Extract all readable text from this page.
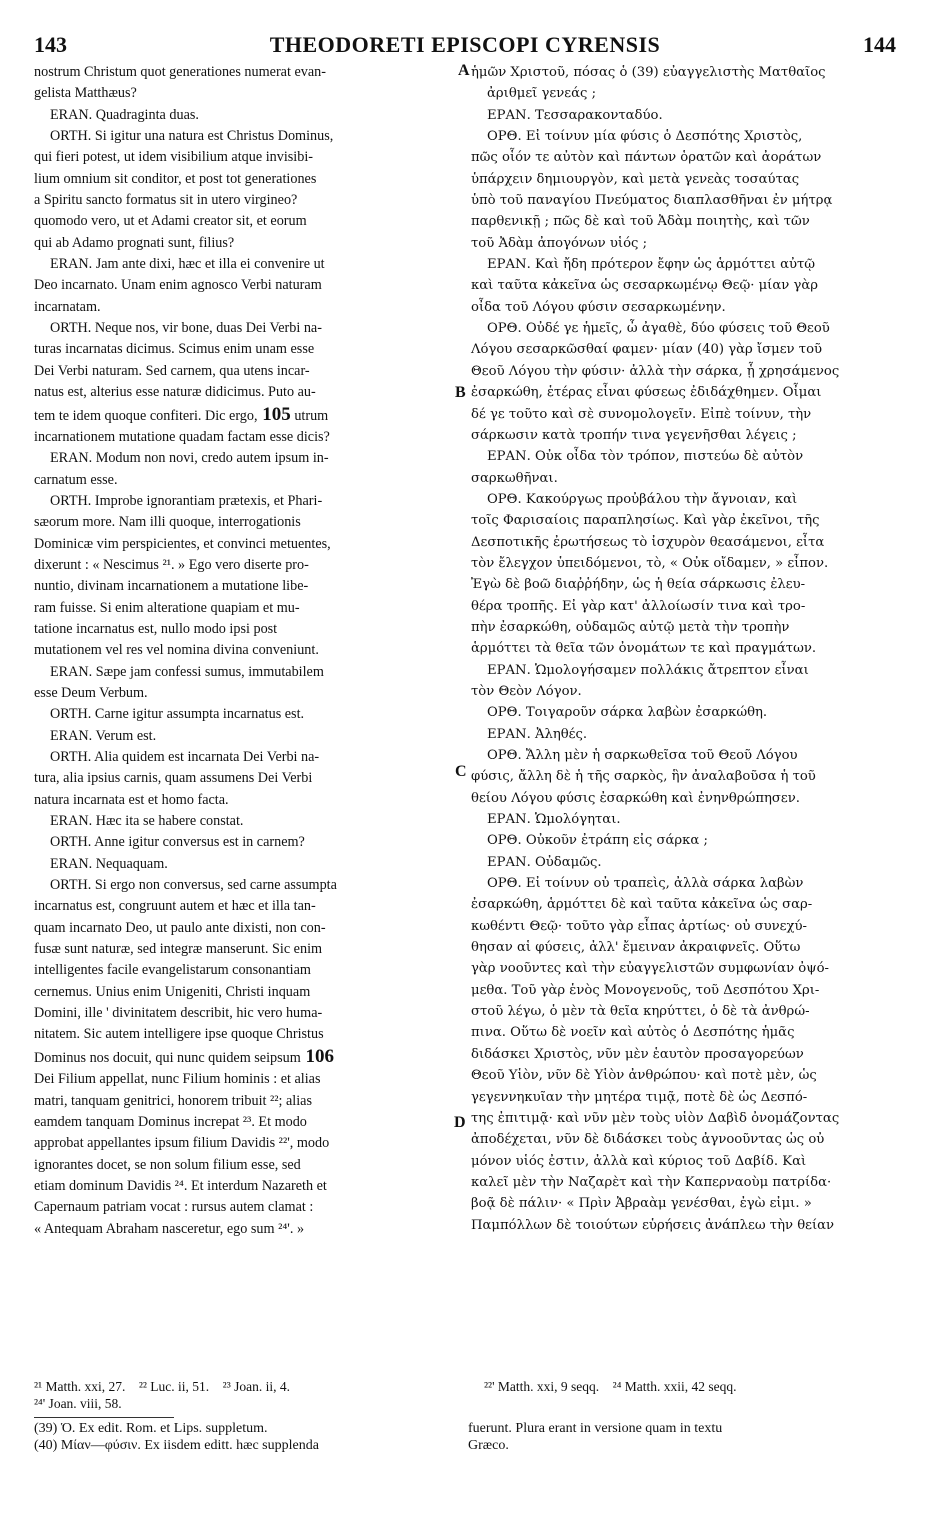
143	THEODORETI EPISCOPI CYRENSIS	144

nostrum Christum quot generationes numerat evan-

gelista Matthæus?

ERAN. Quadraginta duas.

ORTH. Si igitur una natura est Christus Dominus,

qui fieri potest, ut idem visibilium atque invisibi-

lium omnium sit conditor, et post tot generationes

a Spiritu sancto formatus sit in utero virgineo?

quomodo vero, ut et Adami creator sit, et eorum

qui ab Adamo prognati sunt, filius?

ERAN. Jam ante dixi, hæc et illa ei convenire ut

Deo incarnato. Unam enim agnosco Verbi naturam

incarnatam.

ORTH. Neque nos, vir bone, duas Dei Verbi na-

turas incarnatas dicimus. Scimus enim unam esse

Dei Verbi naturam. Sed carnem, qua utens incar-

natus est, alterius esse naturæ didicimus. Puto au-

tem te idem quoque confiteri. Dic ergo, 105 utrum

incarnationem mutatione quadam factam esse dicis?

ERAN. Modum non novi, credo autem ipsum in-

carnatum esse.

ORTH. Improbe ignorantiam prætexis, et Phari-

sæorum more. Nam illi quoque, interrogationis

Dominicæ vim perspicientes, et convinci metuentes,

dixerunt : « Nescimus ²¹. » Ego vero diserte pro-

nuntio, divinam incarnationem a mutatione libe-

ram fuisse. Si enim alteratione quapiam et mu-

tatione incarnatus est, nullo modo ipsi post

mutationem vel res vel nomina divina conveniunt.

ERAN. Sæpe jam confessi sumus, immutabilem

esse Deum Verbum.

ORTH. Carne igitur assumpta incarnatus est.

ERAN. Verum est.

ORTH. Alia quidem est incarnata Dei Verbi na-

tura, alia ipsius carnis, quam assumens Dei Verbi

natura incarnata est et homo facta.

ERAN. Hæc ita se habere constat.

ORTH. Anne igitur conversus est in carnem?

ERAN. Nequaquam.

ORTH. Si ergo non conversus, sed carne assumpta

incarnatus est, congruunt autem et hæc et illa tan-

quam incarnato Deo, ut paulo ante dixisti, non con-

fusæ sunt naturæ, sed integræ manserunt. Sic enim

intelligentes facile evangelistarum consonantiam

cernemus. Unius enim Unigeniti, Christi inquam

Domini, ille ' divinitatem describit, hic vero huma-

nitatem. Sic autem intelligere ipse quoque Christus

Dominus nos docuit, qui nunc quidem seipsum 106

Dei Filium appellat, nunc Filium hominis : et alias

matri, tanquam genitrici, honorem tribuit ²²; alias

eamdem tanquam Dominus increpat ²³. Et modo

approbat appellantes ipsum filium Davidis ²²', modo

ignorantes docet, se non solum filium esse, sed

etiam dominum Davidis ²⁴. Et interdum Nazareth et

Capernaum patriam vocat : rursus autem clamat :

« Antequam Abraham nasceretur, ego sum ²⁴'. »

ἡμῶν Χριστοῦ, πόσας ὁ (39) εὐαγγελιστὴς Ματθαῖος

ἀριθμεῖ γενεάς ;

ΕΡΑΝ. Τεσσαρακονταδύο.

ΟΡΘ. Εἰ τοίνυν μία φύσις ὁ Δεσπότης Χριστὸς,

πῶς οἷόν τε αὐτὸν καὶ πάντων ὁρατῶν καὶ ἀοράτων

ὑπάρχειν δημιουργὸν, καὶ μετὰ γενεὰς τοσαύτας

ὑπὸ τοῦ παναγίου Πνεύματος διαπλασθῆναι ἐν μήτρᾳ

παρθενικῇ ; πῶς δὲ καὶ τοῦ Ἀδὰμ ποιητὴς, καὶ τῶν

τοῦ Ἀδὰμ ἀπογόνων υἱός ;

ΕΡΑΝ. Καὶ ἤδη πρότερον ἔφην ὡς ἁρμόττει αὐτῷ

καὶ ταῦτα κἀκεῖνα ὡς σεσαρκωμένῳ Θεῷ· μίαν γὰρ

οἶδα τοῦ Λόγου φύσιν σεσαρκωμένην.

ΟΡΘ. Οὐδέ γε ἡμεῖς, ὦ ἀγαθὲ, δύο φύσεις τοῦ Θεοῦ

Λόγου σεσαρκῶσθαί φαμεν· μίαν (40) γὰρ ἴσμεν τοῦ

Θεοῦ Λόγου τὴν φύσιν· ἀλλὰ τὴν σάρκα, ᾗ χρησάμενος

ἐσαρκώθη, ἑτέρας εἶναι φύσεως ἐδιδάχθημεν. Οἶμαι

δέ γε τοῦτο καὶ σὲ συνομολογεῖν. Εἰπὲ τοίνυν, τὴν

σάρκωσιν κατὰ τροπήν τινα γεγενῆσθαι λέγεις ;

ΕΡΑΝ. Οὐκ οἶδα τὸν τρόπον, πιστεύω δὲ αὐτὸν

σαρκωθῆναι.

ΟΡΘ. Κακούργως προὐβάλου τὴν ἄγνοιαν, καὶ

τοῖς Φαρισαίοις παραπλησίως. Καὶ γὰρ ἐκεῖνοι, τῆς

Δεσποτικῆς ἐρωτήσεως τὸ ἰσχυρὸν θεασάμενοι, εἶτα

τὸν ἔλεγχον ὑπειδόμενοι, τὸ, « Οὐκ οἴδαμεν, » εἶπον.

Ἐγὼ δὲ βοῶ διαῤῥήδην, ὡς ἡ θεία σάρκωσις ἐλευ-

θέρα τροπῆς. Εἰ γὰρ κατ' ἀλλοίωσίν τινα καὶ τρο-

πὴν ἐσαρκώθη, οὐδαμῶς αὐτῷ μετὰ τὴν τροπὴν

ἁρμόττει τὰ θεῖα τῶν ὀνομάτων τε καὶ πραγμάτων.

ΕΡΑΝ. Ὡμολογήσαμεν πολλάκις ἄτρεπτον εἶναι

τὸν Θεὸν Λόγον.

ΟΡΘ. Τοιγαροῦν σάρκα λαβὼν ἐσαρκώθη.

ΕΡΑΝ. Ἀληθές.

ΟΡΘ. Ἄλλη μὲν ἡ σαρκωθεῖσα τοῦ Θεοῦ Λόγου

φύσις, ἄλλη δὲ ἡ τῆς σαρκὸς, ἣν ἀναλαβοῦσα ἡ τοῦ

θείου Λόγου φύσις ἐσαρκώθη καὶ ἐνηνθρώπησεν.

ΕΡΑΝ. Ὡμολόγηται.

ΟΡΘ. Οὐκοῦν ἐτράπη εἰς σάρκα ;

ΕΡΑΝ. Οὐδαμῶς.

ΟΡΘ. Εἰ τοίνυν οὐ τραπεὶς, ἀλλὰ σάρκα λαβὼν

ἐσαρκώθη, ἁρμόττει δὲ καὶ ταῦτα κἀκεῖνα ὡς σαρ-

κωθέντι Θεῷ· τοῦτο γὰρ εἶπας ἀρτίως· οὐ συνεχύ-

θησαν αἱ φύσεις, ἀλλ' ἔμειναν ἀκραιφνεῖς. Οὕτω

γὰρ νοοῦντες καὶ τὴν εὐαγγελιστῶν συμφωνίαν ὀψό-

μεθα. Τοῦ γὰρ ἑνὸς Μονογενοῦς, τοῦ Δεσπότου Χρι-

στοῦ λέγω, ὁ μὲν τὰ θεῖα κηρύττει, ὁ δὲ τὰ ἀνθρώ-

πινα. Οὕτω δὲ νοεῖν καὶ αὐτὸς ὁ Δεσπότης ἡμᾶς

διδάσκει Χριστὸς, νῦν μὲν ἑαυτὸν προσαγορεύων

Θεοῦ Υἱὸν, νῦν δὲ Υἱὸν ἀνθρώπου· καὶ ποτὲ μὲν, ὡς

γεγεννηκυῖαν τὴν μητέρα τιμᾷ, ποτὲ δὲ ὡς Δεσπό-

της ἐπιτιμᾷ· καὶ νῦν μὲν τοὺς υἱὸν Δαβὶδ ὀνομάζοντας

ἀποδέχεται, νῦν δὲ διδάσκει τοὺς ἀγνοοῦντας ὡς οὐ

μόνον υἱός ἐστιν, ἀλλὰ καὶ κύριος τοῦ Δαβίδ. Καὶ

καλεῖ μὲν τὴν Ναζαρὲτ καὶ τὴν Καπερναοὺμ πατρίδα·

βοᾷ δὲ πάλιν· « Πρὶν Ἀβραὰμ γενέσθαι, ἐγὼ εἰμι. »

Παμπόλλων δὲ τοιούτων εὑρήσεις ἀνάπλεω τὴν θείαν

A
B
C
D
²¹ Matth. xxi, 27.    ²² Luc. ii, 51.    ²³ Joan. ii, 4.
²⁴' Joan. viii, 58.
²²' Matth. xxi, 9 seqq.    ²⁴ Matth. xxii, 42 seqq.
(39) Ὁ. Ex edit. Rom. et Lips. suppletum.
(40) Μίαν—φύσιν. Ex iisdem editt. hæc supplenda
fuerunt. Plura erant in versione quam in textu
Græco.
